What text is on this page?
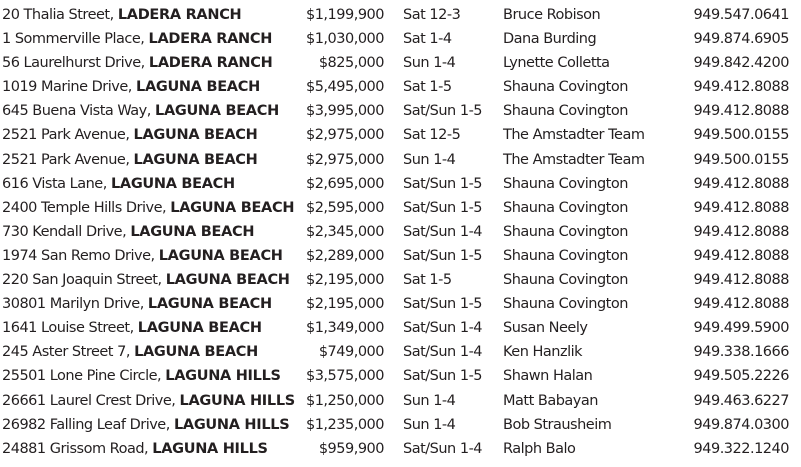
20 Thalia Street, LADERA RANCH	$1,199,900 Sat 12-3	Bruce Robison	949.547.0641
1 Sommerville Place, LADERA RANCH $1,030,000 Sat 1-4	Dana Burding	949.874.6905
56 Laurelhurst Drive, LADERA RANCH	$825,000 Sun 1-4	Lynette Colletta	949.842.4200
1019 Marine Drive, LAGUNA BEACH	$5,495,000 Sat 1-5	Shauna Covington	949.412.8088
645 Buena Vista Way, LAGUNA BEACH $3,995,000 Sat/Sun 1-5 Shauna Covington	949.412.8088
2521 Park Avenue, LAGUNA BEACH	$2,975,000 Sat 12-5	The Amstadter Team	949.500.0155
2521 Park Avenue, LAGUNA BEACH	$2,975,000 Sun 1-4	The Amstadter Team	949.500.0155
616 Vista Lane, LAGUNA BEACH	$2,695,000 Sat/Sun 1-5 Shauna Covington	949.412.8088
2400 Temple Hills Drive, LAGUNA BEACH $2,595,000 Sat/Sun 1-5 Shauna Covington	949.412.8088
730 Kendall Drive, LAGUNA BEACH	$2,345,000 Sat/Sun 1-4 Shauna Covington	949.412.8088
1974 San Remo Drive, LAGUNA BEACH $2,289,000 Sat/Sun 1-5 Shauna Covington	949.412.8088
220 San Joaquin Street, LAGUNA BEACH $2,195,000 Sat 1-5	Shauna Covington	949.412.8088
30801 Marilyn Drive, LAGUNA BEACH $2,195,000 Sat/Sun 1-5 Shauna Covington	949.412.8088
1641 Louise Street, LAGUNA BEACH	$1,349,000 Sat/Sun 1-4 Susan Neely	949.499.5900
245 Aster Street 7, LAGUNA BEACH	$749,000 Sat/Sun 1-4 Ken Hanzlik	949.338.1666
25501 Lone Pine Circle, LAGUNA HILLS $3,575,000 Sat/Sun 1-5 Shawn Halan	949.505.2226
26661 Laurel Crest Drive, LAGUNA HILLS $1,250,000 Sun 1-4	Matt Babayan	949.463.6227
26982 Falling Leaf Drive, LAGUNA HILLS $1,235,000 Sun 1-4	Bob Strausheim	949.874.0300
24881 Grissom Road, LAGUNA HILLS	$959,900 Sat/Sun 1-4 Ralph Balo	949.322.1240
